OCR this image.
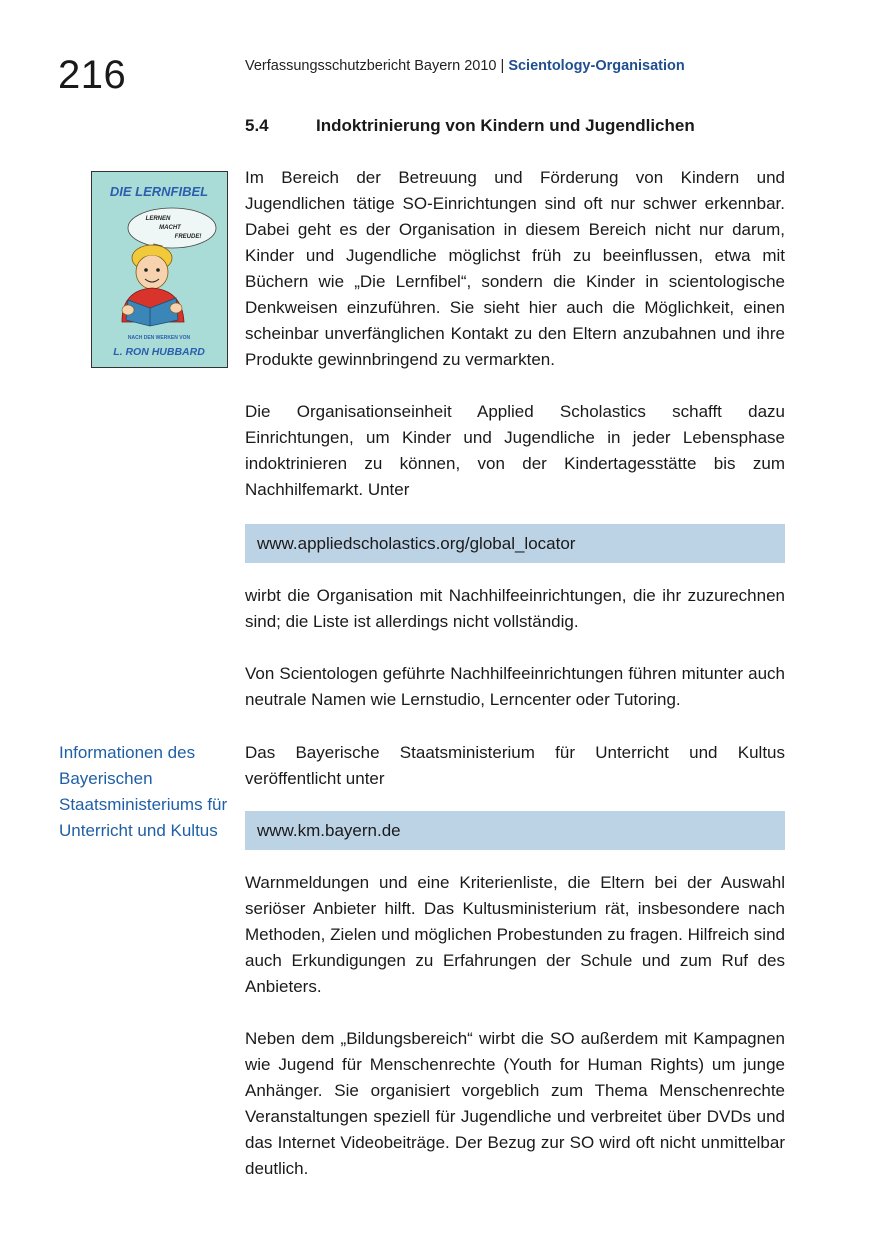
216	Verfassungsschutzbericht Bayern 2010 | Scientology-Organisation
5.4	Indoktrinierung von Kindern und Jugendlichen
DIE LERNFIBEL
LERNEN
MACHT
FREUDE!
NACH DEN WERKEN VON
L. RON HUBBARD

Im Bereich der Betreuung und Förderung von Kindern und Jugendlichen tätige SO-Einrichtungen sind oft nur schwer erkennbar. Dabei geht es der Organisation in diesem Bereich nicht nur darum, Kinder und Jugendliche möglichst früh zu beeinflussen, etwa mit Büchern wie „Die Lernfibel“, sondern die Kinder in scientologische Denkweisen einzuführen. Sie sieht hier auch die Möglichkeit, einen scheinbar unverfänglichen Kontakt zu den Eltern anzubahnen und ihre Produkte gewinnbringend zu vermarkten.

Die Organisationseinheit Applied Scholastics schafft dazu Einrichtungen, um Kinder und Jugendliche in jeder Lebensphase indoktrinieren zu können, von der Kindertagesstätte bis zum Nachhilfemarkt. Unter

www.appliedscholastics.org/global_locator

wirbt die Organisation mit Nachhilfeeinrichtungen, die ihr zuzurechnen sind; die Liste ist allerdings nicht vollständig.

Von Scientologen geführte Nachhilfeeinrichtungen führen mitunter auch neutrale Namen wie Lernstudio, Lerncenter oder Tutoring.

Informationen des Bayerischen Staatsministeriums für Unterricht und Kultus

Das Bayerische Staatsministerium für Unterricht und Kultus veröffentlicht unter

www.km.bayern.de

Warnmeldungen und eine Kriterienliste, die Eltern bei der Auswahl seriöser Anbieter hilft. Das Kultusministerium rät, insbesondere nach Methoden, Zielen und möglichen Probestunden zu fragen. Hilfreich sind auch Erkundigungen zu Erfahrungen der Schule und zum Ruf des Anbieters.

Neben dem „Bildungsbereich“ wirbt die SO außerdem mit Kampagnen wie Jugend für Menschenrechte (Youth for Human Rights) um junge Anhänger. Sie organisiert vorgeblich zum Thema Menschenrechte Veranstaltungen speziell für Jugendliche und verbreitet über DVDs und das Internet Videobeiträge. Der Bezug zur SO wird oft nicht unmittelbar deutlich.
